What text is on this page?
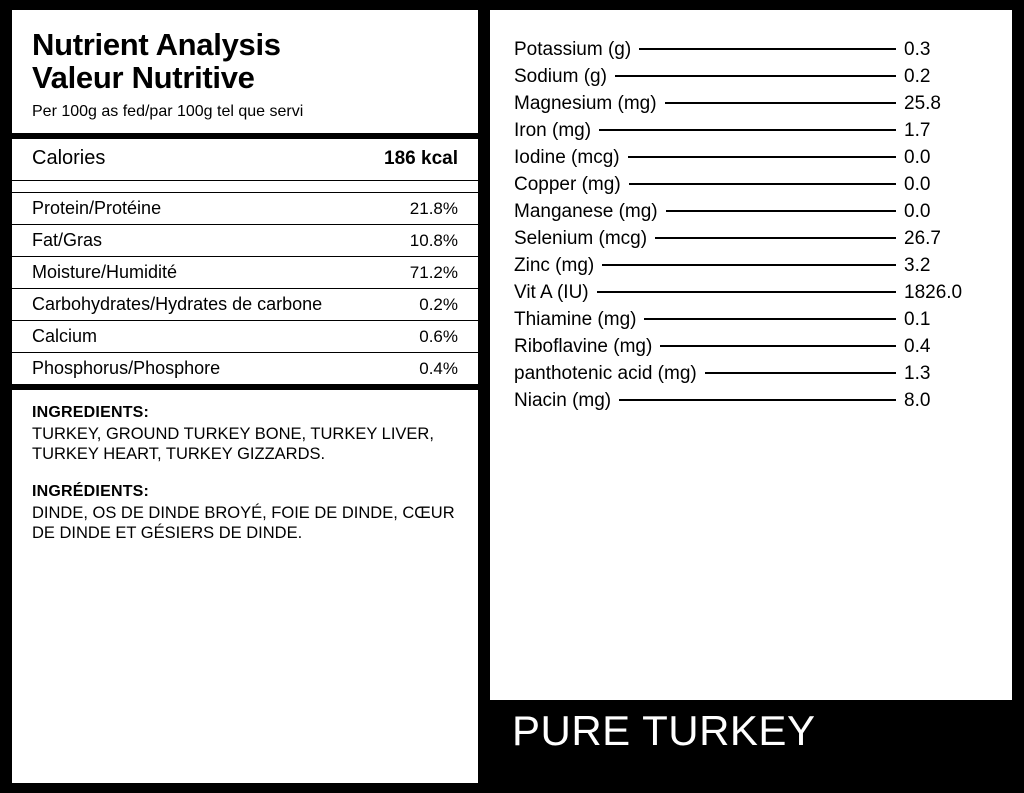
Nutrient Analysis
Valeur Nutritive
Per 100g as fed/par 100g tel que servi
Calories	186 kcal
Protein/Protéine	21.8%
Fat/Gras	10.8%
Moisture/Humidité	71.2%
Carbohydrates/Hydrates de carbone	0.2%
Calcium	0.6%
Phosphorus/Phosphore	0.4%
INGREDIENTS:
TURKEY, GROUND TURKEY BONE, TURKEY LIVER, TURKEY HEART, TURKEY GIZZARDS.
INGRÉDIENTS:
DINDE, OS DE DINDE BROYÉ, FOIE DE DINDE, CŒUR DE DINDE ET GÉSIERS DE DINDE.
Potassium (g)	0.3
Sodium (g)	0.2
Magnesium (mg)	25.8
Iron (mg)	1.7
Iodine (mcg)	0.0
Copper (mg)	0.0
Manganese (mg)	0.0
Selenium (mcg)	26.7
Zinc (mg)	3.2
Vit A (IU)	1826.0
Thiamine (mg)	0.1
Riboflavine (mg)	0.4
panthotenic acid (mg)	1.3
Niacin (mg)	8.0
PURE TURKEY
